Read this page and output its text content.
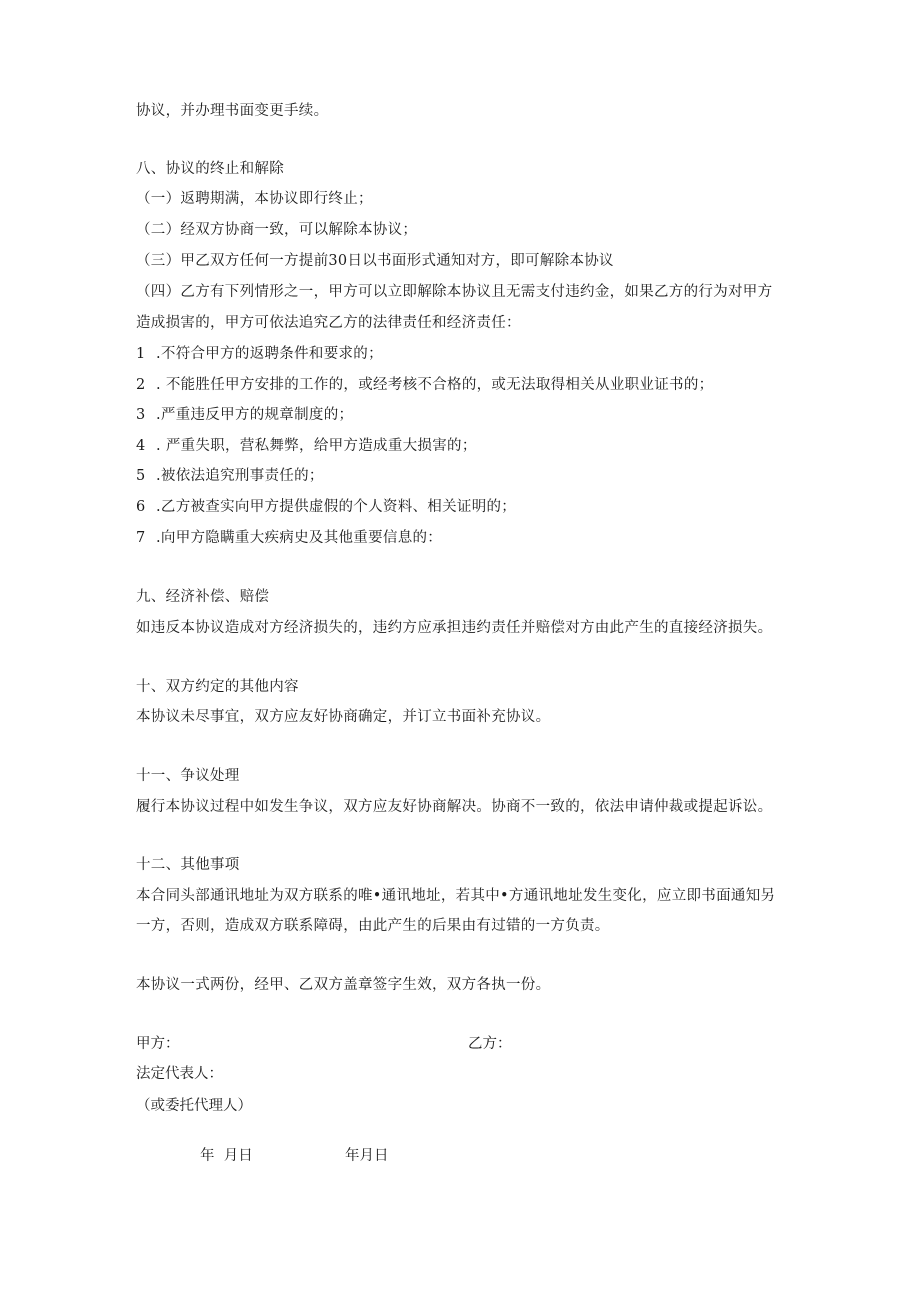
协议，并办理书面变更手续。
八、协议的终止和解除
（一）返聘期满，本协议即行终止；
（二）经双方协商一致，可以解除本协议；
（三）甲乙双方任何一方提前30日以书面形式通知对方，即可解除本协议
（四）乙方有下列情形之一，甲方可以立即解除本协议且无需支付违约金，如果乙方的行为对甲方
造成损害的，甲方可依法追究乙方的法律责任和经济责任：
1 .不符合甲方的返聘条件和要求的；
2 . 不能胜任甲方安排的工作的，或经考核不合格的，或无法取得相关从业职业证书的；
3 .严重违反甲方的规章制度的；
4 . 严重失职，营私舞弊，给甲方造成重大损害的；
5 .被依法追究刑事责任的；
6 .乙方被查实向甲方提供虚假的个人资料、相关证明的；
7 .向甲方隐瞒重大疾病史及其他重要信息的：
九、经济补偿、赔偿
如违反本协议造成对方经济损失的，违约方应承担违约责任并赔偿对方由此产生的直接经济损失。
十、双方约定的其他内容
本协议未尽事宜，双方应友好协商确定，并订立书面补充协议。
十一、争议处理
履行本协议过程中如发生争议，双方应友好协商解决。协商不一致的，依法申请仲裁或提起诉讼。
十二、其他事项
本合同头部通讯地址为双方联系的唯•通讯地址，若其中•方通讯地址发生变化，应立即书面通知另
一方，否则，造成双方联系障碍，由此产生的后果由有过错的一方负责。
本协议一式两份，经甲、乙双方盖章签字生效，双方各执一份。
甲方：	乙方：
法定代表人：
（或委托代理人）
年  月日	年月日
